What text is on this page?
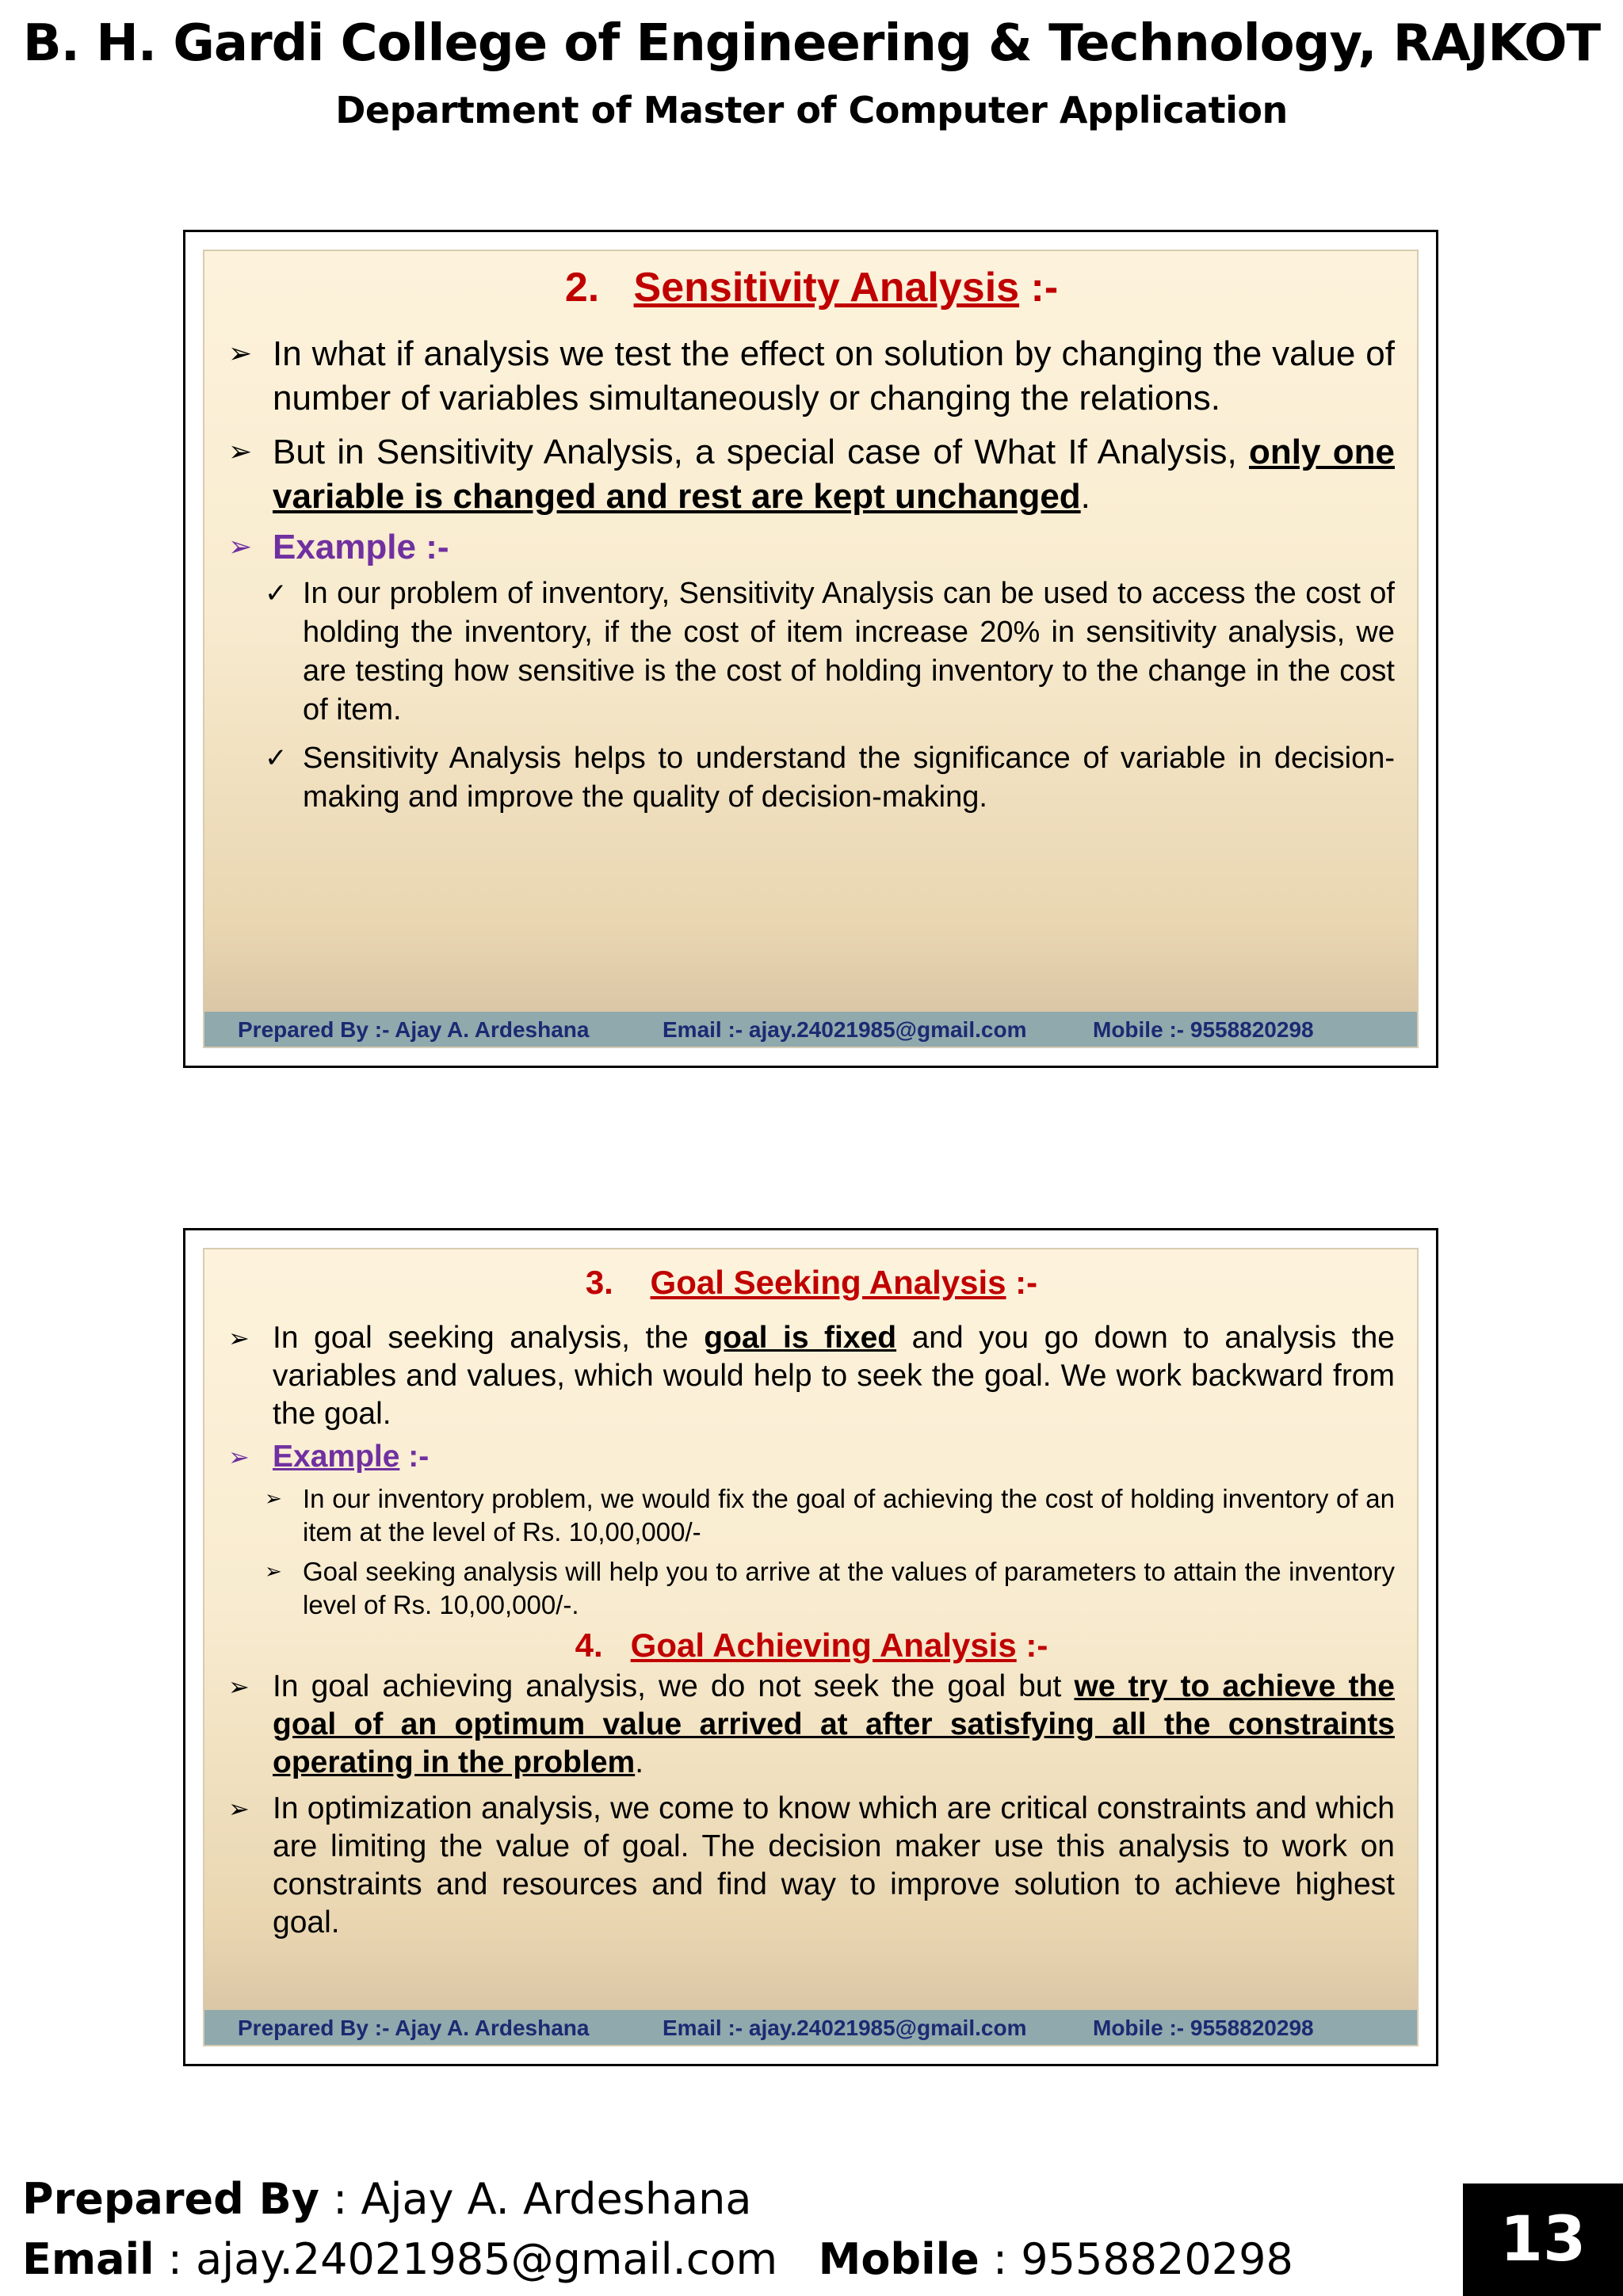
B. H. Gardi College of Engineering & Technology, RAJKOT
Department of Master of Computer Application
2. Sensitivity Analysis :-
➢ In what if analysis we test the effect on solution by changing the value of number of variables simultaneously or changing the relations.
➢ But in Sensitivity Analysis, a special case of What If Analysis, only one variable is changed and rest are kept unchanged.
➢ Example :-
✓ In our problem of inventory, Sensitivity Analysis can be used to access the cost of holding the inventory, if the cost of item increase 20% in sensitivity analysis, we are testing how sensitive is the cost of holding inventory to the change in the cost of item.
✓ Sensitivity Analysis helps to understand the significance of variable in decision-making and improve the quality of decision-making.
Prepared By :- Ajay A. Ardeshana	Email :- ajay.24021985@gmail.com	Mobile :- 9558820298
3. Goal Seeking Analysis :-
➢ In goal seeking analysis, the goal is fixed and you go down to analysis the variables and values, which would help to seek the goal. We work backward from the goal.
➢ Example :-
➢ In our inventory problem, we would fix the goal of achieving the cost of holding inventory of an item at the level of Rs. 10,00,000/-
➢ Goal seeking analysis will help you to arrive at the values of parameters to attain the inventory level of Rs. 10,00,000/-.
4. Goal Achieving Analysis :-
➢ In goal achieving analysis, we do not seek the goal but we try to achieve the goal of an optimum value arrived at after satisfying all the constraints operating in the problem.
➢ In optimization analysis, we come to know which are critical constraints and which are limiting the value of goal. The decision maker use this analysis to work on constraints and resources and find way to improve solution to achieve highest goal.
Prepared By :- Ajay A. Ardeshana	Email :- ajay.24021985@gmail.com	Mobile :- 9558820298
Prepared By : Ajay A. Ardeshana
Email : ajay.24021985@gmail.com Mobile : 9558820298	13
